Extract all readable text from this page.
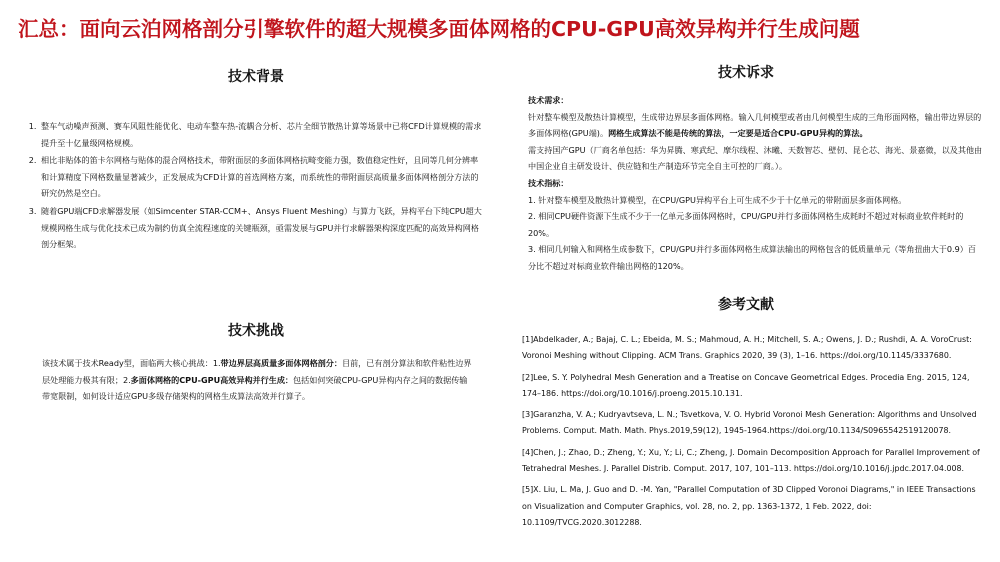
汇总：面向云泊网格剖分引擎软件的超大规模多面体网格的CPU-GPU高效异构并行生成问题
技术背景
1. 整车气动噪声预测、赛车风阻性能优化、电动车整车热-流耦合分析、芯片全细节散热计算等场景中已将CFD计算规模的需求提升至十亿量级网格规模。
2. 相比非贴体的笛卡尔网格与贴体的混合网格技术，带附面层的多面体网格抗畸变能力强，数值稳定性好，且同等几何分辨率和计算精度下网格数量显著减少，正发展成为CFD计算的首选网格方案，而系统性的带附面层高质量多面体网格剖分方法的研究仍然是空白。
3. 随着GPU端CFD求解器发展（如Simcenter STAR-CCM+、Ansys Fluent Meshing）与算力飞跃，异构平台下纯CPU超大规模网格生成与优化技术已成为制约仿真全流程速度的关键瓶颈，亟需发展与GPU并行求解器架构深度匹配的高效异构网格剖分框架。
技术挑战
该技术属于技术Ready型，面临两大核心挑战：1.带边界层高质量多面体网格剖分：目前，已有剖分算法和软件粘性边界层处理能力极其有限；2.多面体网格的CPU-GPU高效异构并行生成：包括如何突破CPU-GPU异构内存之间的数据传输带宽限制，如何设计适应GPU多级存储架构的网格生成算法高效并行算子。
技术诉求

技术需求：

针对整车模型及散热计算模型，生成带边界层多面体网格。输入几何模型或者由几何模型生成的三角形面网格，输出带边界层的多面体网格(GPU端)。网格生成算法不能是传统的算法，一定要是适合CPU-GPU异构的算法。

需支持国产GPU（厂商名单包括：华为昇腾、寒武纪、摩尔线程、沐曦、天数智芯、壁仞、昆仑芯、海光、景嘉微，以及其他由中国企业自主研发设计、供应链和生产制造环节完全自主可控的厂商。）。

技术指标：

1. 针对整车模型及散热计算模型，在CPU/GPU异构平台上可生成不少于十亿单元的带附面层多面体网格。

2. 相同CPU硬件资源下生成不少于一亿单元多面体网格时，CPU/GPU并行多面体网格生成耗时不超过对标商业软件耗时的20%。

3. 相同几何输入和网格生成参数下，CPU/GPU并行多面体网格生成算法输出的网格包含的低质量单元（等角扭曲大于0.9）百分比不超过对标商业软件输出网格的120%。

参考文献

[1]Abdelkader, A.; Bajaj, C. L.; Ebeida, M. S.; Mahmoud, A. H.; Mitchell, S. A.; Owens, J. D.; Rushdi, A. A. VoroCrust: Voronoi Meshing without Clipping. ACM Trans. Graphics 2020, 39 (3), 1–16. https://doi.org/10.1145/3337680.

[2]Lee, S. Y. Polyhedral Mesh Generation and a Treatise on Concave Geometrical Edges. Procedia Eng. 2015, 124, 174–186. https://doi.org/10.1016/j.proeng.2015.10.131.

[3]Garanzha, V. A.; Kudryavtseva, L. N.; Tsvetkova, V. O. Hybrid Voronoi Mesh Generation: Algorithms and Unsolved Problems. Comput. Math. Math. Phys.2019,59(12), 1945-1964.https://doi.org/10.1134/S0965542519120078.

[4]Chen, J.; Zhao, D.; Zheng, Y.; Xu, Y.; Li, C.; Zheng, J. Domain Decomposition Approach for Parallel Improvement of Tetrahedral Meshes. J. Parallel Distrib. Comput. 2017, 107, 101–113. https://doi.org/10.1016/j.jpdc.2017.04.008.

[5]X. Liu, L. Ma, J. Guo and D. -M. Yan, "Parallel Computation of 3D Clipped Voronoi Diagrams," in IEEE Transactions on Visualization and Computer Graphics, vol. 28, no. 2, pp. 1363-1372, 1 Feb. 2022, doi: 10.1109/TVCG.2020.3012288.
